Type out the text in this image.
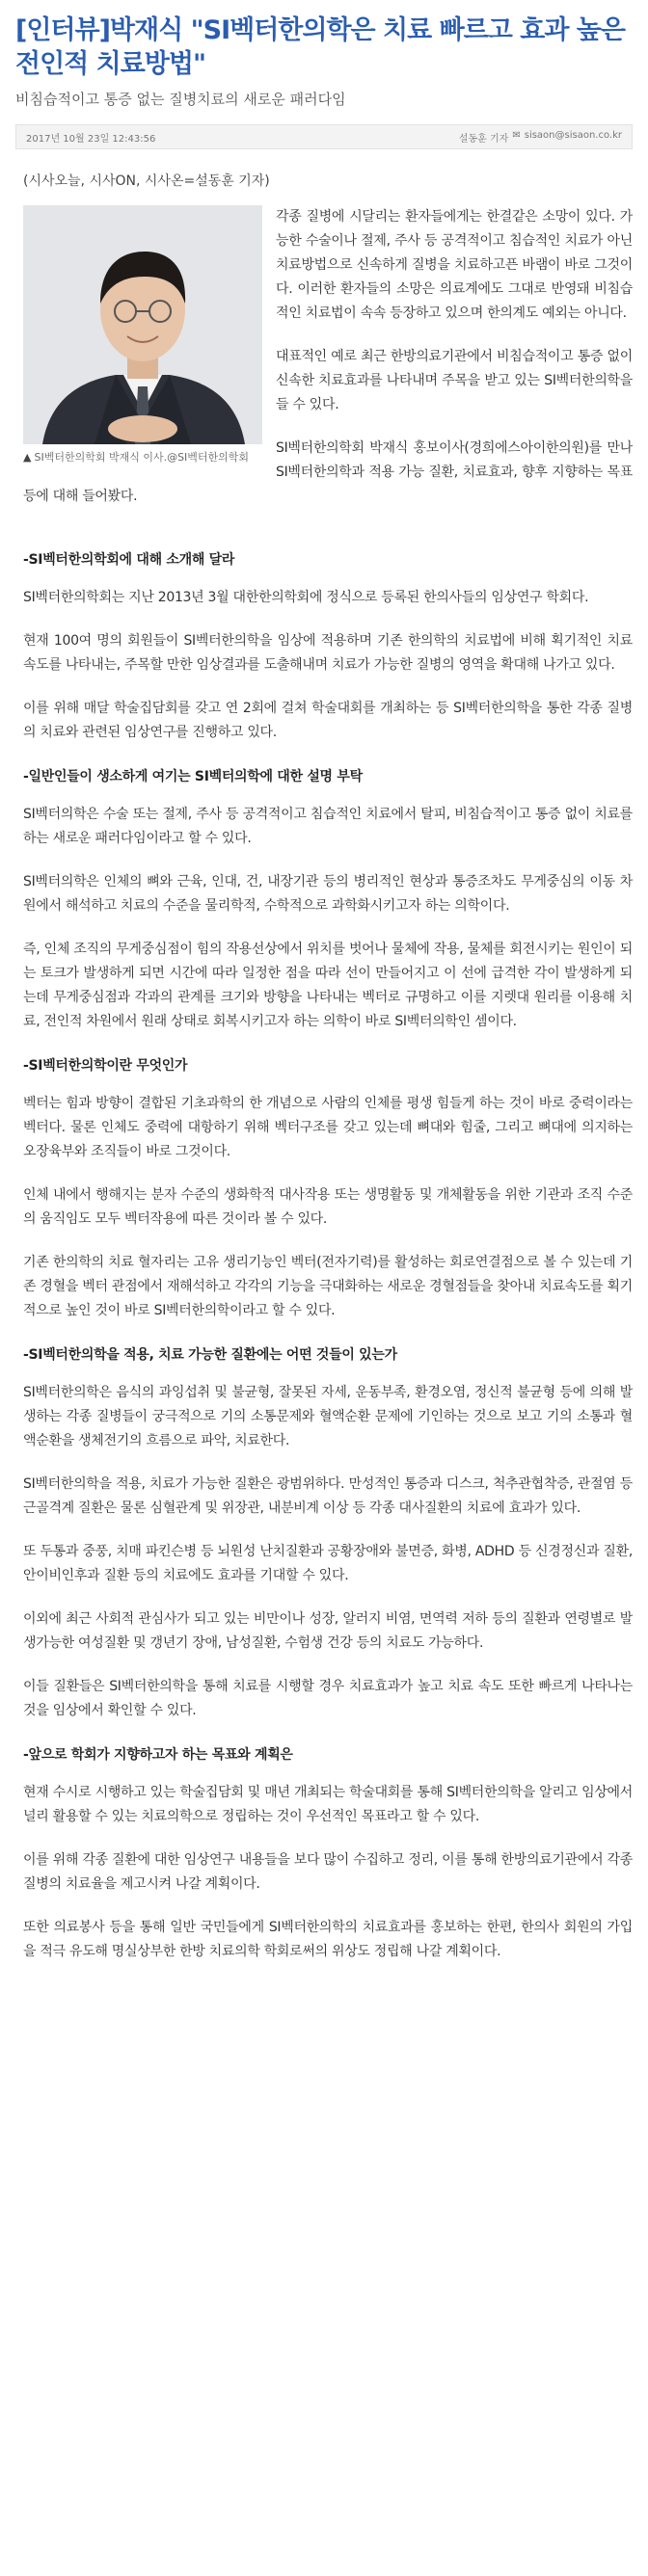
[인터뷰]박재식 "SI벡터한의학은 치료 빠르고 효과 높은 전인적 치료방법"
비침습적이고 통증 없는 질병치료의 새로운 패러다임
2017년 10월 23일 12:43:56	설동훈 기자 ✉ sisaon@sisaon.co.kr
(시사오늘, 시사ON, 시사온=설동훈 기자)
▲ SI벡터한의학회 박재식 이사.@SI벡터한의학회

각종 질병에 시달리는 환자들에게는 한결같은 소망이 있다. 가능한 수술이나 절제, 주사 등 공격적이고 침습적인 치료가 아닌 치료방법으로 신속하게 질병을 치료하고픈 바램이 바로 그것이다. 이러한 환자들의 소망은 의료계에도 그대로 반영돼 비침습적인 치료법이 속속 등장하고 있으며 한의계도 예외는 아니다.

대표적인 예로 최근 한방의료기관에서 비침습적이고 통증 없이 신속한 치료효과를 나타내며 주목을 받고 있는 SI벡터한의학을 들 수 있다.

SI벡터한의학회 박재식 홍보이사(경희에스아이한의원)를 만나 SI벡터한의학과 적용 가능 질환, 치료효과, 향후 지향하는 목표 등에 대해 들어봤다.

-SI벡터한의학회에 대해 소개해 달라

SI벡터한의학회는 지난 2013년 3월 대한한의학회에 정식으로 등록된 한의사들의 임상연구 학회다.

현재 100여 명의 회원들이 SI벡터한의학을 임상에 적용하며 기존 한의학의 치료법에 비해 획기적인 치료 속도를 나타내는, 주목할 만한 임상결과를 도출해내며 치료가 가능한 질병의 영역을 확대해 나가고 있다.

이를 위해 매달 학술집담회를 갖고 연 2회에 걸쳐 학술대회를 개최하는 등 SI벡터한의학을 통한 각종 질병의 치료와 관련된 임상연구를 진행하고 있다.

-일반인들이 생소하게 여기는 SI벡터의학에 대한 설명 부탁

SI벡터의학은 수술 또는 절제, 주사 등 공격적이고 침습적인 치료에서 탈피, 비침습적이고 통증 없이 치료를 하는 새로운 패러다임이라고 할 수 있다.

SI벡터의학은 인체의 뼈와 근육, 인대, 건, 내장기관 등의 병리적인 현상과 통증조차도 무게중심의 이동 차원에서 해석하고 치료의 수준을 물리학적, 수학적으로 과학화시키고자 하는 의학이다.

즉, 인체 조직의 무게중심점이 힘의 작용선상에서 위치를 벗어나 물체에 작용, 물체를 회전시키는 원인이 되는 토크가 발생하게 되면 시간에 따라 일정한 점을 따라 선이 만들어지고 이 선에 급격한 각이 발생하게 되는데 무게중심점과 각과의 관계를 크기와 방향을 나타내는 벡터로 규명하고 이를 지렛대 원리를 이용해 치료, 전인적 차원에서 원래 상태로 회복시키고자 하는 의학이 바로 SI벡터의학인 셈이다.

-SI벡터한의학이란 무엇인가

벡터는 힘과 방향이 결합된 기초과학의 한 개념으로 사람의 인체를 평생 힘들게 하는 것이 바로 중력이라는 벡터다. 물론 인체도 중력에 대항하기 위해 벡터구조를 갖고 있는데 뼈대와 힘줄, 그리고 뼈대에 의지하는 오장육부와 조직들이 바로 그것이다.

인체 내에서 행해지는 분자 수준의 생화학적 대사작용 또는 생명활동 및 개체활동을 위한 기관과 조직 수준의 움직임도 모두 벡터작용에 따른 것이라 볼 수 있다.

기존 한의학의 치료 혈자리는 고유 생리기능인 벡터(전자기력)를 활성하는 회로연결점으로 볼 수 있는데 기존 경혈을 벡터 관점에서 재해석하고 각각의 기능을 극대화하는 새로운 경혈점들을 찾아내 치료속도를 획기적으로 높인 것이 바로 SI벡터한의학이라고 할 수 있다.

-SI벡터한의학을 적용, 치료 가능한 질환에는 어떤 것들이 있는가

SI벡터한의학은 음식의 과잉섭취 및 불균형, 잘못된 자세, 운동부족, 환경오염, 정신적 불균형 등에 의해 발생하는 각종 질병들이 궁극적으로 기의 소통문제와 혈액순환 문제에 기인하는 것으로 보고 기의 소통과 혈액순환을 생체전기의 흐름으로 파악, 치료한다.

SI벡터한의학을 적용, 치료가 가능한 질환은 광범위하다. 만성적인 통증과 디스크, 척추관협착증, 관절염 등 근골격계 질환은 물론 심혈관계 및 위장관, 내분비계 이상 등 각종 대사질환의 치료에 효과가 있다.

또 두통과 중풍, 치매 파킨슨병 등 뇌원성 난치질환과 공황장애와 불면증, 화병, ADHD 등 신경정신과 질환, 안이비인후과 질환 등의 치료에도 효과를 기대할 수 있다.

이외에 최근 사회적 관심사가 되고 있는 비만이나 성장, 알러지 비염, 면역력 저하 등의 질환과 연령별로 발생가능한 여성질환 및 갱년기 장애, 남성질환, 수험생 건강 등의 치료도 가능하다.

이들 질환들은 SI벡터한의학을 통해 치료를 시행할 경우 치료효과가 높고 치료 속도 또한 빠르게 나타나는 것을 임상에서 확인할 수 있다.

-앞으로 학회가 지향하고자 하는 목표와 계획은

현재 수시로 시행하고 있는 학술집담회 및 매년 개최되는 학술대회를 통해 SI벡터한의학을 알리고 임상에서 널리 활용할 수 있는 치료의학으로 정립하는 것이 우선적인 목표라고 할 수 있다.

이를 위해 각종 질환에 대한 임상연구 내용들을 보다 많이 수집하고 정리, 이를 통해 한방의료기관에서 각종 질병의 치료율을 제고시켜 나갈 계획이다.

또한 의료봉사 등을 통해 일반 국민들에게 SI벡터한의학의 치료효과를 홍보하는 한편, 한의사 회원의 가입을 적극 유도해 명실상부한 한방 치료의학 학회로써의 위상도 정립해 나갈 계획이다.
